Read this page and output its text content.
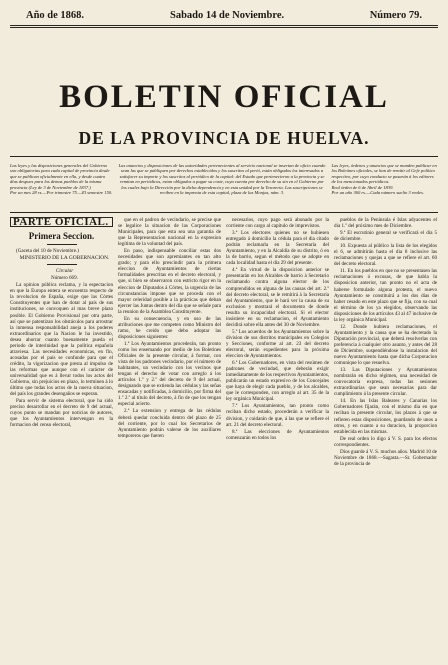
Año de 1868.	Sabado 14 de Noviembre.	Número 79.
BOLETIN OFICIAL
DE LA PROVINCIA DE HUELVA.
Las leyes y las disposiciones generales del Gobierno son obligatorias para cada capital de provincia desde que se publican oficialmente en ella, y desde cuatro días despues para los demas pueblos de la misma provincia (Ley de 3 de Noviembre de 1837.)
Por un mes 28 rs.—Por trimestre 75.—El semestre 150.
Las anuncios y disposiciones de las autoridades pertenecientes al servicio nacional se insertan de oficio cuando sean las que se publiquen por derechos establecidos y los suscritos al perió, están obligados los interesados a satisfacer su importe y los suscritos al periódico de la capital: del Estado que pertenecieron a la provincia y se remitan en periódicos, estan obligados a pagar su coste, cuya cuenta por derecho de su sin en el Gobierno por los cuales bajo la Dirección por la dicha dependencia y en esta unidad por la Tesoreria. Las suscripciones se reciben en la imprenta de esta capital, plaza de las Monjas, núm. 3.
Las leyes, órdenes y anuncios que se manden publicar en los Boletines oficiales, se han de remitir al Gefe político respectivo, por cuyo conducto se pasarán á los editores de los mencionados periódicos.
Real órden de 6 de Abril de 1839.
Por un año 360 rs.—Cada número suelto 3 reales.
PARTE OFICIAL.
Primera Seccion.

(Gaceta del 10 de Noviembre.)

MINISTERIO DE LA GOBERNACION.

Circular

Número 669.

La opinion pública reclama, y la espectacion en que la Europa entera se encuentra respecto de la revolucion de España, exige que las Córtes Constituyentes que han de dotar al país de sus instituciones, se convoquen al mas breve plazo posible. El Gobierno Provisional por otra parte, así que se patentizan los obstáculos para arrostrar la inmensa responsabilidad aneja a los poderes extraordinarios que la Nacion le ha investido, desea ahorrar cuanto buenamente pueda el periodo de interinidad que la política española atraviesa. Las necesidades economicas, en fin, acosadas por el país se confunde para que el crédito, la vigorizacion que presta al impulso de las reformas que aunque con el carácter de universalidad que es á llevar todos los actos del Gobierno, sin prejuicios en plazo, lo terminen á lo último que todas los actos de la nueva situacion, del país los grandes desengaños se esperan.

Para servir de sistema electoral, que ha sido preciso desarrollar en el decreto de 9 del actual, cuyos punto se mandan por noticias de autores, que los Ayuntamientos intervengan en la formacion del censo electoral,

que en el padron de vecindario, se precise que se legalice la situacion de las Corporaciones Municipales, para que esta sea una garantía de que la Representacion nacional en la expresion legítima de la voluntad del país.

En paso, indispensable conciliar estas dos necesidades que son apremiantes en tan alto grado; y para ello prescindir para la primera eleccion de Ayuntamientos de ciertas formalidades prescritas en el decreto electoral, y que, si bien se observaron con estricto rigor en la eleccion de Diputados á Córtes, la urgencia de las circunstancias impone que se proceda con el mayor celeridad posible a la prácticas que deban ejercer las Juntas dentro del día que se señale para la reunion de la Asamblea Constituyente.

En su consecuencia, y en uso de las atribuciones que me competen como Ministro del ramo, he creido que debo adoptar las disposiciones siguientes:

1.ª Los Ayuntamientos procederán, tan pronto como los ensemando por medio de los Boletines Oficiales de la presente circular, á formar, con vista de los padrones vecindario, por el número de habitantes, un vecindario con los vecinos que tengan el derecho de votar con arreglo á los artículos 1.º y 2.º del decreto de 9 del actual, designando que se extienda las cédulas y las señas ensacadas y notificadas, á domicilio, por firma del 1.º 2.º al título del decreto, á fin de que los tengan especial acierto.

2.ª La extension y entrega de las cédulas deberá quedar concluida dentro del plazo de 25 del corriente, por lo cual los Secretarios de Ayuntamiento podrán valerse de los auxiliares temporeros que fueren

necesarios, cuyo pago será abonado por la corriente con cargo al capítulo de imprevistos.

3.ª Los electores quienes no se hubiesen entregado á domicilio la cédula para el dia citado podrán reclamarla en la Secretaría del Ayuntamiento, y en la Alcaldía de su distrito, ó en la de barrio, segun el método que se adopte en cada localidad hasta el dia 29 del presente.

4.ª En virtud de la disposicion anterior se presentarán en los Alcaldes de barrio á Secretario reclamando contra alguna elector de los comprendidos en alguna de las causas del art. 2.º del decreto electoral, se le remitirá á la Secretaría del Ayuntamiento, que le hará ver la causa de su exclusion y mostrará el documento de donde resulta su incapacidad electoral. Si el elector insistiere en su reclamacion, el Ayuntamiento decidirá sobre ella antes del 30 de Noviembre.

5.ª Los acuerdos de los Ayuntamientos sobre la division de sus distritos municipales en Colegios y Secciones, conforme al art. 23 del decreto electoral, serán expedientes para la próxima eleccion de Ayuntamientos.

6.ª Los Gobernadores, en vista del resúmen de padrones de vecindad, que deberán exigir inmediatamente de los respectivos Ayuntamientos, publicarán un estado expresivo de los Concejales que haya de elegir cada pueblo, y de los alcaldes, que le corresponden, con arreglo al art. 35 de la ley orgánica Municipal.

7.ª Los Ayuntamientos, tan pronto como reciban dicho estado, procederán a verificar la division, y cuidarán de que, á las que se refiere el art. 21 del decreto electoral.

8.ª Las elecciones de Ayuntamientos comenzarán en todos los

pueblos de la Península é Islas adyacentes el dia 1.º del próximo mes de Diciembre.

9.ª El escrutinio general se verificará el dia 5 de diciembre.

10. Expuesta al público la lista de los elegidos el 6, se admitirán hasta el dia 8 inclusive las reclamaciones y quejas a que se refiere el art. 60 del decreto electoral.

11. En los pueblos en que no se presentasen las reclamaciones ó excusas, de que habla la disposicion anterior, tan pronto no el acta de haberse formulado alguna protesta, el nuevo Ayuntamiento se constituirá a los dos dias de haber cesado en este plazo que se fija, con su cual el término de los ya elegidos, observando las disposiciones de los artículos 43 al 47 inclusive de la ley orgánica Municipal.

12. Donde hubiera reclamaciones, el Ayuntamiento y la causa que se ha decretado la Diputación provincial, que deberá resolverlas con preferencia á cualquier otro asunto, y antes del 28 de Diciembre, suspendiéndose la instalacion del nuevo Ayuntamiento hasta que dicha Corporacion comunique lo que resuelva.

13. Las Diputaciones y Ayuntamientos nombrarán en dicho régimen, una necesidad de convocatoria expresa, todas las sesiones extraordinarias que sean necesarias para dar cumplimiento á la presente circular.

14. En las Islas Baleares y Canarias los Gobernadores fijarán, con el mismo dia en que reciban la presente circular, los plazos á que se refieren estas disposiciones, guardando de unos a otros, y en cuanto a su duracion, la proporcion establecida en las mismas.

De real orden lo digo á V. S. para los efectos correspondientes.

Dios guarde á V. S. muchos años. Madrid 10 de Noviembre de 1868.—Sagasta.—Sr. Gobernador de la provincia de
